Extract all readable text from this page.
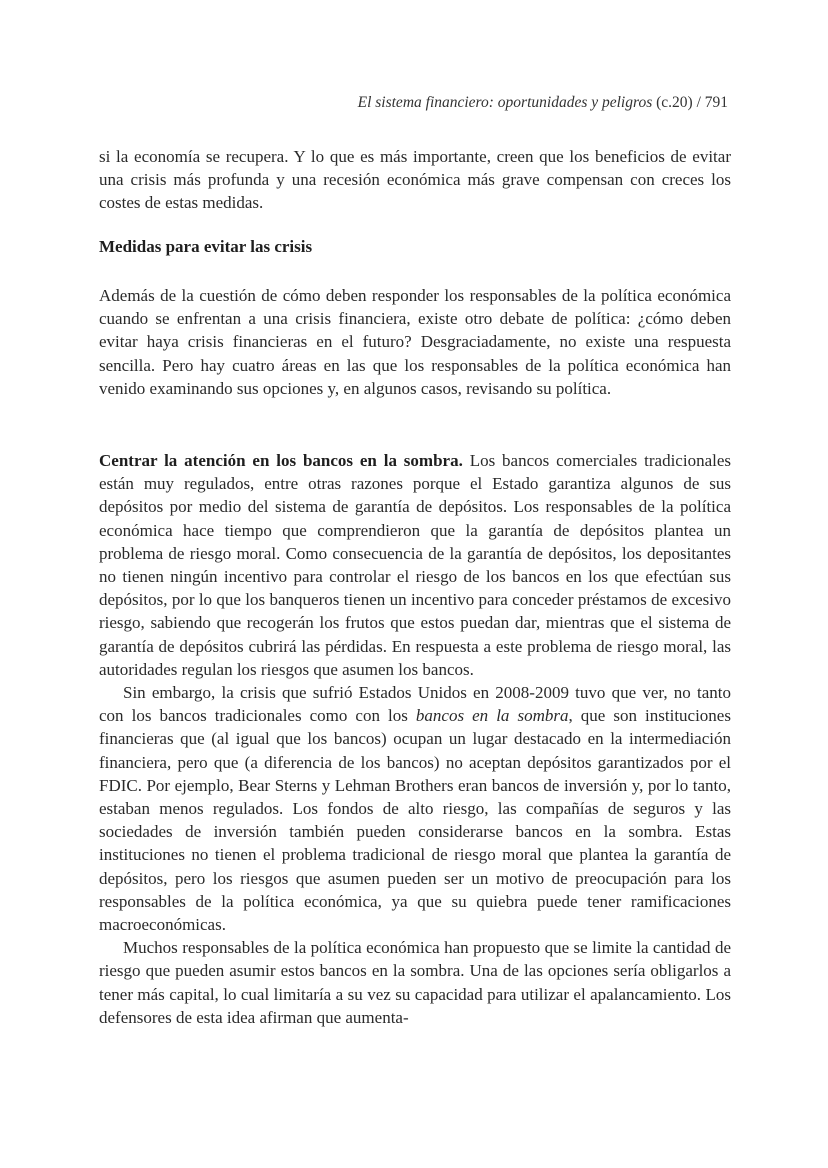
El sistema financiero: oportunidades y peligros (c.20) / 791

si la economía se recupera. Y lo que es más importante, creen que los beneficios de evitar una crisis más profunda y una recesión económica más grave compensan con creces los costes de estas medidas.

Medidas para evitar las crisis

Además de la cuestión de cómo deben responder los responsables de la política económica cuando se enfrentan a una crisis financiera, existe otro debate de política: ¿cómo deben evitar haya crisis financieras en el futuro? Desgraciadamente, no existe una respuesta sencilla. Pero hay cuatro áreas en las que los responsables de la política económica han venido examinando sus opciones y, en algunos casos, revisando su política.

Centrar la atención en los bancos en la sombra. Los bancos comerciales tradicionales están muy regulados, entre otras razones porque el Estado garantiza algunos de sus depósitos por medio del sistema de garantía de depósitos. Los responsables de la política económica hace tiempo que comprendieron que la garantía de depósitos plantea un problema de riesgo moral. Como consecuencia de la garantía de depósitos, los depositantes no tienen ningún incentivo para controlar el riesgo de los bancos en los que efectúan sus depósitos, por lo que los banqueros tienen un incentivo para conceder préstamos de excesivo riesgo, sabiendo que recogerán los frutos que estos puedan dar, mientras que el sistema de garantía de depósitos cubrirá las pérdidas. En respuesta a este problema de riesgo moral, las autoridades regulan los riesgos que asumen los bancos.

Sin embargo, la crisis que sufrió Estados Unidos en 2008-2009 tuvo que ver, no tanto con los bancos tradicionales como con los bancos en la sombra, que son instituciones financieras que (al igual que los bancos) ocupan un lugar destacado en la intermediación financiera, pero que (a diferencia de los bancos) no aceptan depósitos garantizados por el FDIC. Por ejemplo, Bear Sterns y Lehman Brothers eran bancos de inversión y, por lo tanto, estaban menos regulados. Los fondos de alto riesgo, las compañías de seguros y las sociedades de inversión también pueden considerarse bancos en la sombra. Estas instituciones no tienen el problema tradicional de riesgo moral que plantea la garantía de depósitos, pero los riesgos que asumen pueden ser un motivo de preocupación para los responsables de la política económica, ya que su quiebra puede tener ramificaciones macroeconómicas.

Muchos responsables de la política económica han propuesto que se limite la cantidad de riesgo que pueden asumir estos bancos en la sombra. Una de las opciones sería obligarlos a tener más capital, lo cual limitaría a su vez su capacidad para utilizar el apalancamiento. Los defensores de esta idea afirman que aumenta-
